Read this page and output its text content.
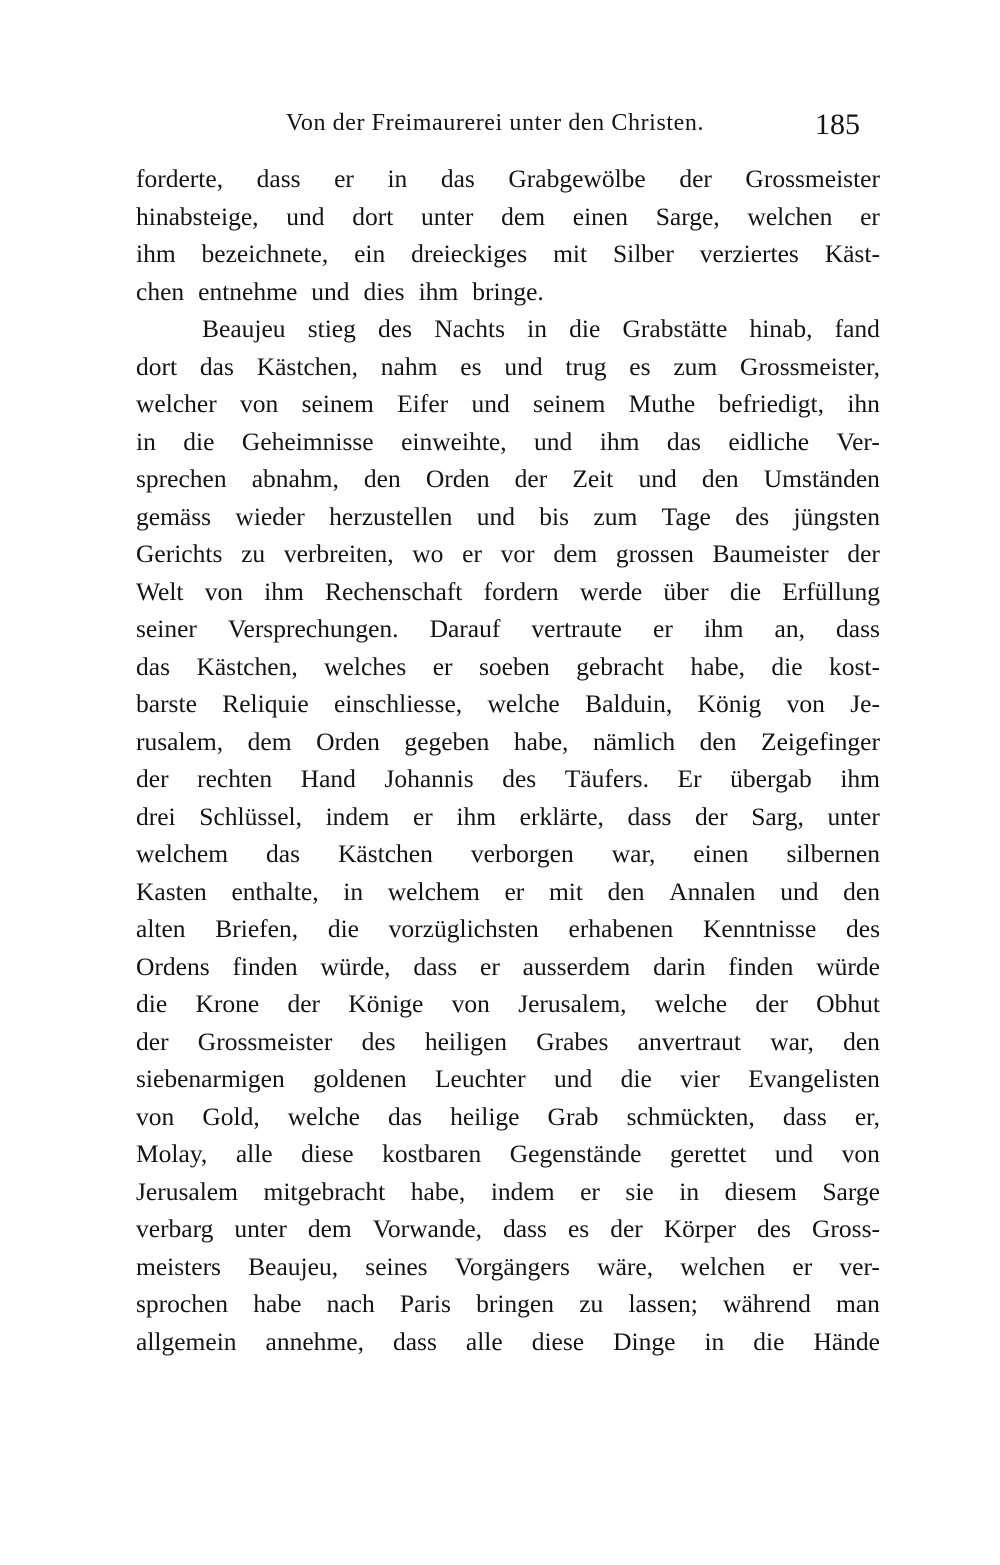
Von der Freimaurerei unter den Christen.	185
forderte, dass er in das Grabgewölbe der Grossmeister
hinabsteige, und dort unter dem einen Sarge, welchen er
ihm bezeichnete, ein dreieckiges mit Silber verziertes Käst-
chen entnehme und dies ihm bringe.
Beaujeu stieg des Nachts in die Grabstätte hinab, fand
dort das Kästchen, nahm es und trug es zum Grossmeister,
welcher von seinem Eifer und seinem Muthe befriedigt, ihn
in die Geheimnisse einweihte, und ihm das eidliche Ver-
sprechen abnahm, den Orden der Zeit und den Umständen
gemäss wieder herzustellen und bis zum Tage des jüngsten
Gerichts zu verbreiten, wo er vor dem grossen Baumeister der
Welt von ihm Rechenschaft fordern werde über die Erfüllung
seiner Versprechungen. Darauf vertraute er ihm an, dass
das Kästchen, welches er soeben gebracht habe, die kost-
barste Reliquie einschliesse, welche Balduin, König von Je-
rusalem, dem Orden gegeben habe, nämlich den Zeigefinger
der rechten Hand Johannis des Täufers. Er übergab ihm
drei Schlüssel, indem er ihm erklärte, dass der Sarg, unter
welchem das Kästchen verborgen war, einen silbernen
Kasten enthalte, in welchem er mit den Annalen und den
alten Briefen, die vorzüglichsten erhabenen Kenntnisse des
Ordens finden würde, dass er ausserdem darin finden würde
die Krone der Könige von Jerusalem, welche der Obhut
der Grossmeister des heiligen Grabes anvertraut war, den
siebenarmigen goldenen Leuchter und die vier Evangelisten
von Gold, welche das heilige Grab schmückten, dass er,
Molay, alle diese kostbaren Gegenstände gerettet und von
Jerusalem mitgebracht habe, indem er sie in diesem Sarge
verbarg unter dem Vorwande, dass es der Körper des Gross-
meisters Beaujeu, seines Vorgängers wäre, welchen er ver-
sprochen habe nach Paris bringen zu lassen; während man
allgemein annehme, dass alle diese Dinge in die Hände
